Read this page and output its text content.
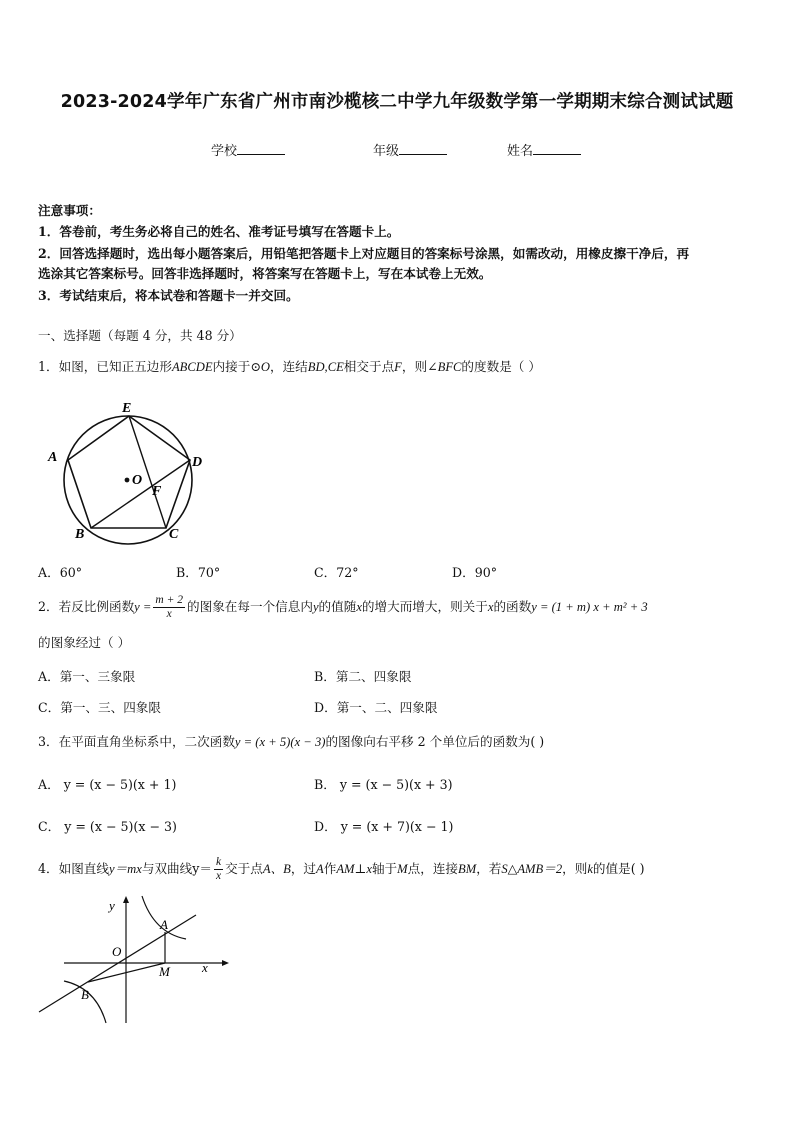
2023-2024学年广东省广州市南沙榄核二中学九年级数学第一学期期末综合测试试题
学校	年级	姓名
注意事项：
1．答卷前，考生务必将自己的姓名、准考证号填写在答题卡上。
2．回答选择题时，选出每小题答案后，用铅笔把答题卡上对应题目的答案标号涂黑，如需改动，用橡皮擦干净后，再
选涂其它答案标号。回答非选择题时，将答案写在答题卡上，写在本试卷上无效。
3．考试结束后，将本试卷和答题卡一并交回。
一、选择题（每题 4 分，共 48 分）
1．如图，已知正五边形ABCDE内接于⊙O，连结BD,CE相交于点F，则∠BFC的度数是（ ）
E
A	D
O
F
B	C
A．60°	B．70°	C．72°	D．90°
2．若反比例函数$y = \frac{m + 2}{x}$ 的图象在每一个信息内y的值随x的增大而增大，则关于x的函数y = (1 + m) x + m² + 3
的图象经过（ ）
A．第一、三象限	B．第二、四象限
C．第一、三、四象限	D．第一、二、四象限
3．在平面直角坐标系中，二次函数y = (x + 5)(x − 3)的图像向右平移 2 个单位后的函数为( )
A． y = (x − 5)(x + 1)	B． y = (x − 5)(x + 3)
C． y = (x − 5)(x − 3)	D． y = (x + 7)(x − 1)
4．如图直线y＝mx与双曲线$y= \frac{k}{x}$ 交于点A、B，过A作AM⊥x轴于M点，连接BM，若S△AMB＝2，则k的值是( )
y
x
O
A
M
B
